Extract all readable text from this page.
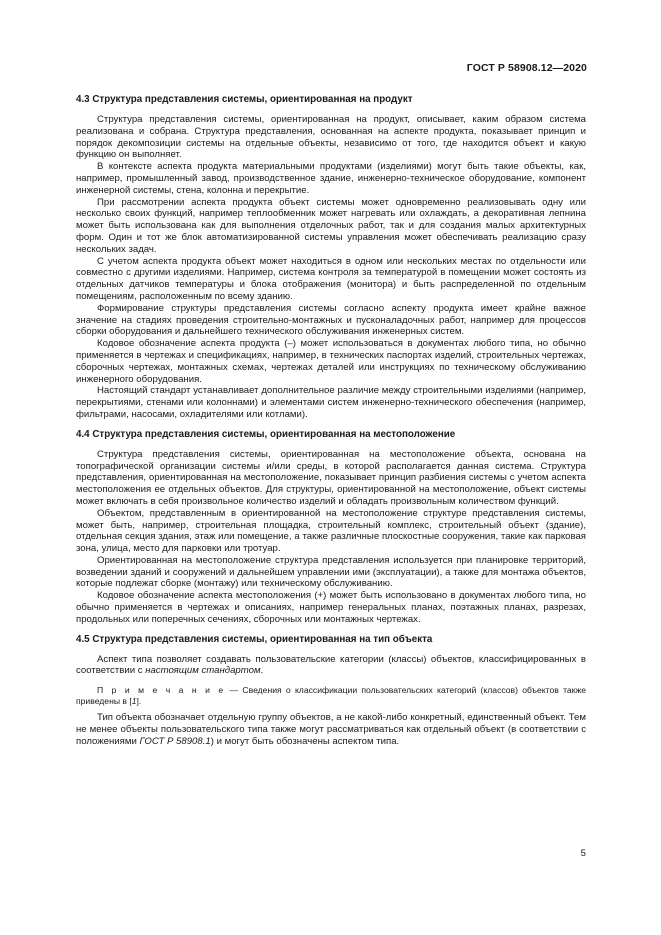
ГОСТ Р 58908.12—2020
4.3 Структура представления системы, ориентированная на продукт

Структура представления системы, ориентированная на продукт, описывает, каким образом система реализована и собрана. Структура представления, основанная на аспекте продукта, показывает принцип и порядок декомпозиции системы на отдельные объекты, независимо от того, где находится объект и какую функцию он выполняет.

В контексте аспекта продукта материальными продуктами (изделиями) могут быть такие объекты, как, например, промышленный завод, производственное здание, инженерно-техническое оборудование, компонент инженерной системы, стена, колонна и перекрытие.

При рассмотрении аспекта продукта объект системы может одновременно реализовывать одну или несколько своих функций, например теплообменник может нагревать или охлаждать, а декоративная лепнина может быть использована как для выполнения отделочных работ, так и для создания малых архитектурных форм. Один и тот же блок автоматизированной системы управления может обеспечивать реализацию сразу нескольких задач.

С учетом аспекта продукта объект может находиться в одном или нескольких местах по отдельности или совместно с другими изделиями. Например, система контроля за температурой в помещении может состоять из отдельных датчиков температуры и блока отображения (монитора) и быть распределенной по отдельным помещениям, расположенным по всему зданию.

Формирование структуры представления системы согласно аспекту продукта имеет крайне важное значение на стадиях проведения строительно-монтажных и пусконаладочных работ, например для процессов сборки оборудования и дальнейшего технического обслуживания инженерных систем.

Кодовое обозначение аспекта продукта (–) может использоваться в документах любого типа, но обычно применяется в чертежах и спецификациях, например, в технических паспортах изделий, строительных чертежах, сборочных чертежах, монтажных схемах, чертежах деталей или инструкциях по техническому обслуживанию инженерного оборудования.

Настоящий стандарт устанавливает дополнительное различие между строительными изделиями (например, перекрытиями, стенами или колоннами) и элементами систем инженерно-технического обеспечения (например, фильтрами, насосами, охладителями или котлами).

4.4 Структура представления системы, ориентированная на местоположение

Структура представления системы, ориентированная на местоположение объекта, основана на топографической организации системы и/или среды, в которой располагается данная система. Структура представления, ориентированная на местоположение, показывает принцип разбиения системы с учетом аспекта местоположения ее отдельных объектов. Для структуры, ориентированной на местоположение, объект системы может включать в себя произвольное количество изделий и обладать произвольным количеством функций.

Объектом, представленным в ориентированной на местоположение структуре представления системы, может быть, например, строительная площадка, строительный комплекс, строительный объект (здание), отдельная секция здания, этаж или помещение, а также различные плоскостные сооружения, такие как парковая зона, улица, место для парковки или тротуар.

Ориентированная на местоположение структура представления используется при планировке территорий, возведении зданий и сооружений и дальнейшем управлении ими (эксплуатации), а также для монтажа объектов, которые подлежат сборке (монтажу) или техническому обслуживанию.

Кодовое обозначение аспекта местоположения (+) может быть использовано в документах любого типа, но обычно применяется в чертежах и описаниях, например генеральных планах, поэтажных планах, разрезах, продольных или поперечных сечениях, сборочных или монтажных чертежах.

4.5 Структура представления системы, ориентированная на тип объекта

Аспект типа позволяет создавать пользовательские категории (классы) объектов, классифицированных в соответствии с настоящим стандартом.

П р и м е ч а н и е — Сведения о классификации пользовательских категорий (классов) объектов также приведены в [1].

Тип объекта обозначает отдельную группу объектов, а не какой-либо конкретный, единственный объект. Тем не менее объекты пользовательского типа также могут рассматриваться как отдельный объект (в соответствии с положениями ГОСТ Р 58908.1) и могут быть обозначены аспектом типа.

5
